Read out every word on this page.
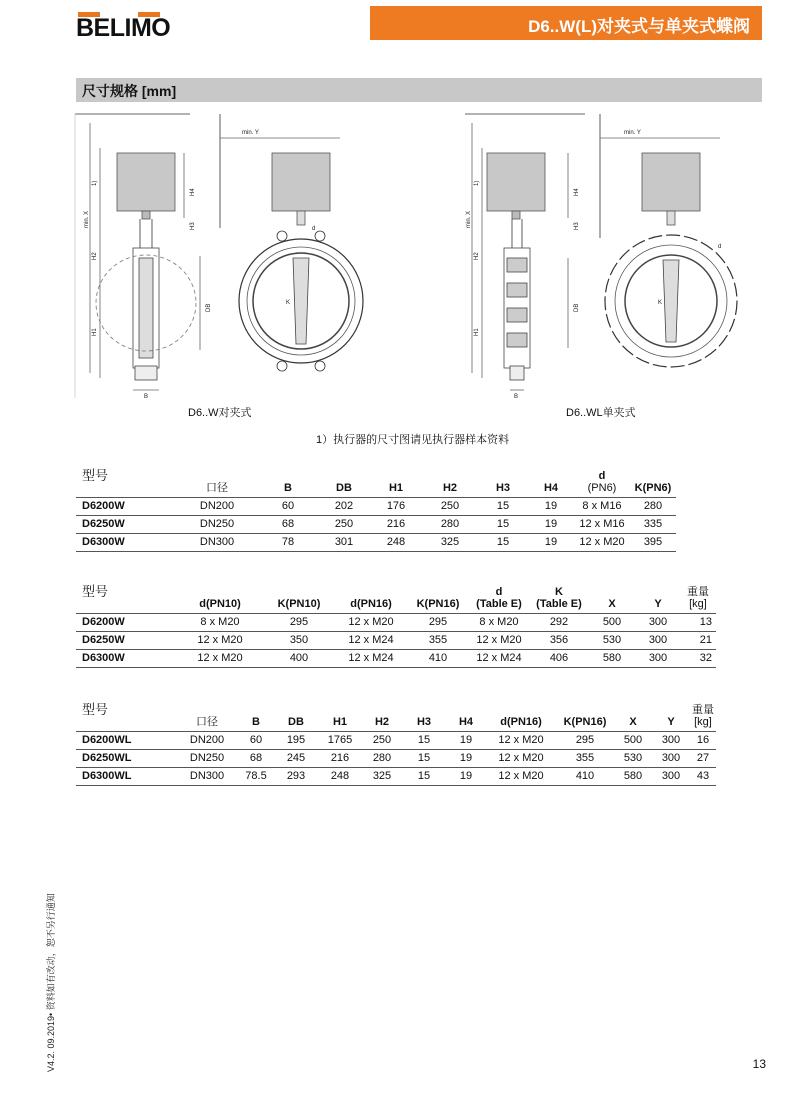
BELIMO	D6..W(L)对夹式与单夹式蝶阀
尺寸规格 [mm]
min. X
1)
H2
H1
H4
H3
DB
B
min. Y
d
K
min. X
1)
H2
H1
H4
H3
DB
B
min. Y
d
K
D6..W对夹式	D6..WL单夹式
1）执行器的尺寸图请见执行器样本资料
型号	口径	B	DB	H1	H2	H3	H4	d
(PN6)	K(PN6)
D6200W	DN200	60	202	176	250	15	19	8 x M16	280
D6250W	DN250	68	250	216	280	15	19	12 x M16	335
D6300W	DN300	78	301	248	325	15	19	12 x M20	395
型号	d(PN10)	K(PN10)	d(PN16)	K(PN16)	d
(Table E)	K
(Table E)	X	Y	重量
[kg]
D6200W	8 x M20	295	12 x M20	295	8 x M20	292	500	300	13
D6250W	12 x M20	350	12 x M24	355	12 x M20	356	530	300	21
D6300W	12 x M20	400	12 x M24	410	12 x M24	406	580	300	32
型号	口径	B	DB	H1	H2	H3	H4	d(PN16)	K(PN16)	X	Y	重量
[kg]
D6200WL	DN200	60	195	1765	250	15	19	12 x M20	295	500	300	16
D6250WL	DN250	68	245	216	280	15	19	12 x M20	355	530	300	27
D6300WL	DN300	78.5	293	248	325	15	19	12 x M20	410	580	300	43
V4.2. 09.2019• 资料如有改动，恕不另行通知	13
